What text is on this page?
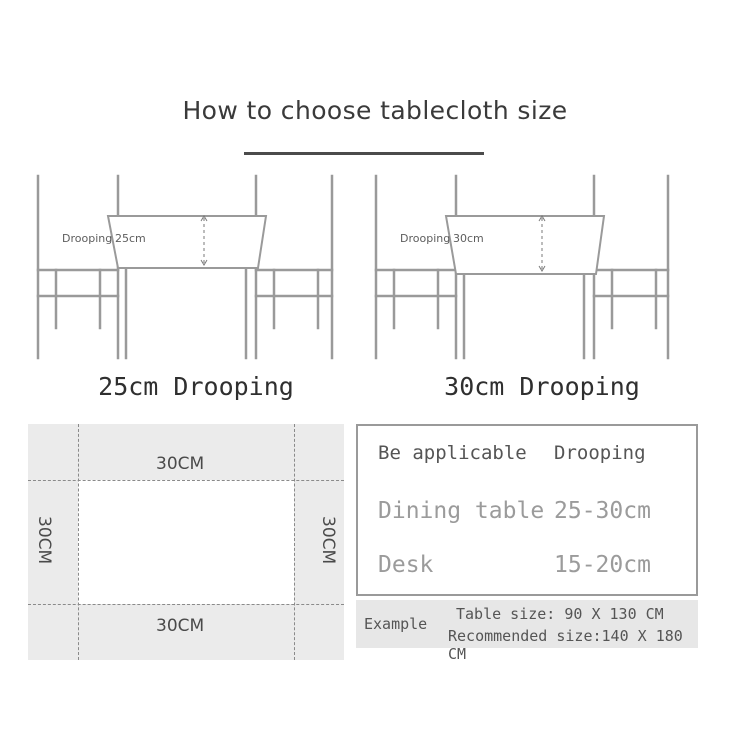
How to choose tablecloth size
Drooping 25cm	Drooping 30cm
25cm Drooping	30cm Drooping
30CM
30CM
30CM	30CM
Be applicable	Drooping
Dining table 25-30cm
Desk	15-20cm
Example
Table size: 90 X 130 CM
Recommended size:140 X 180 CM
